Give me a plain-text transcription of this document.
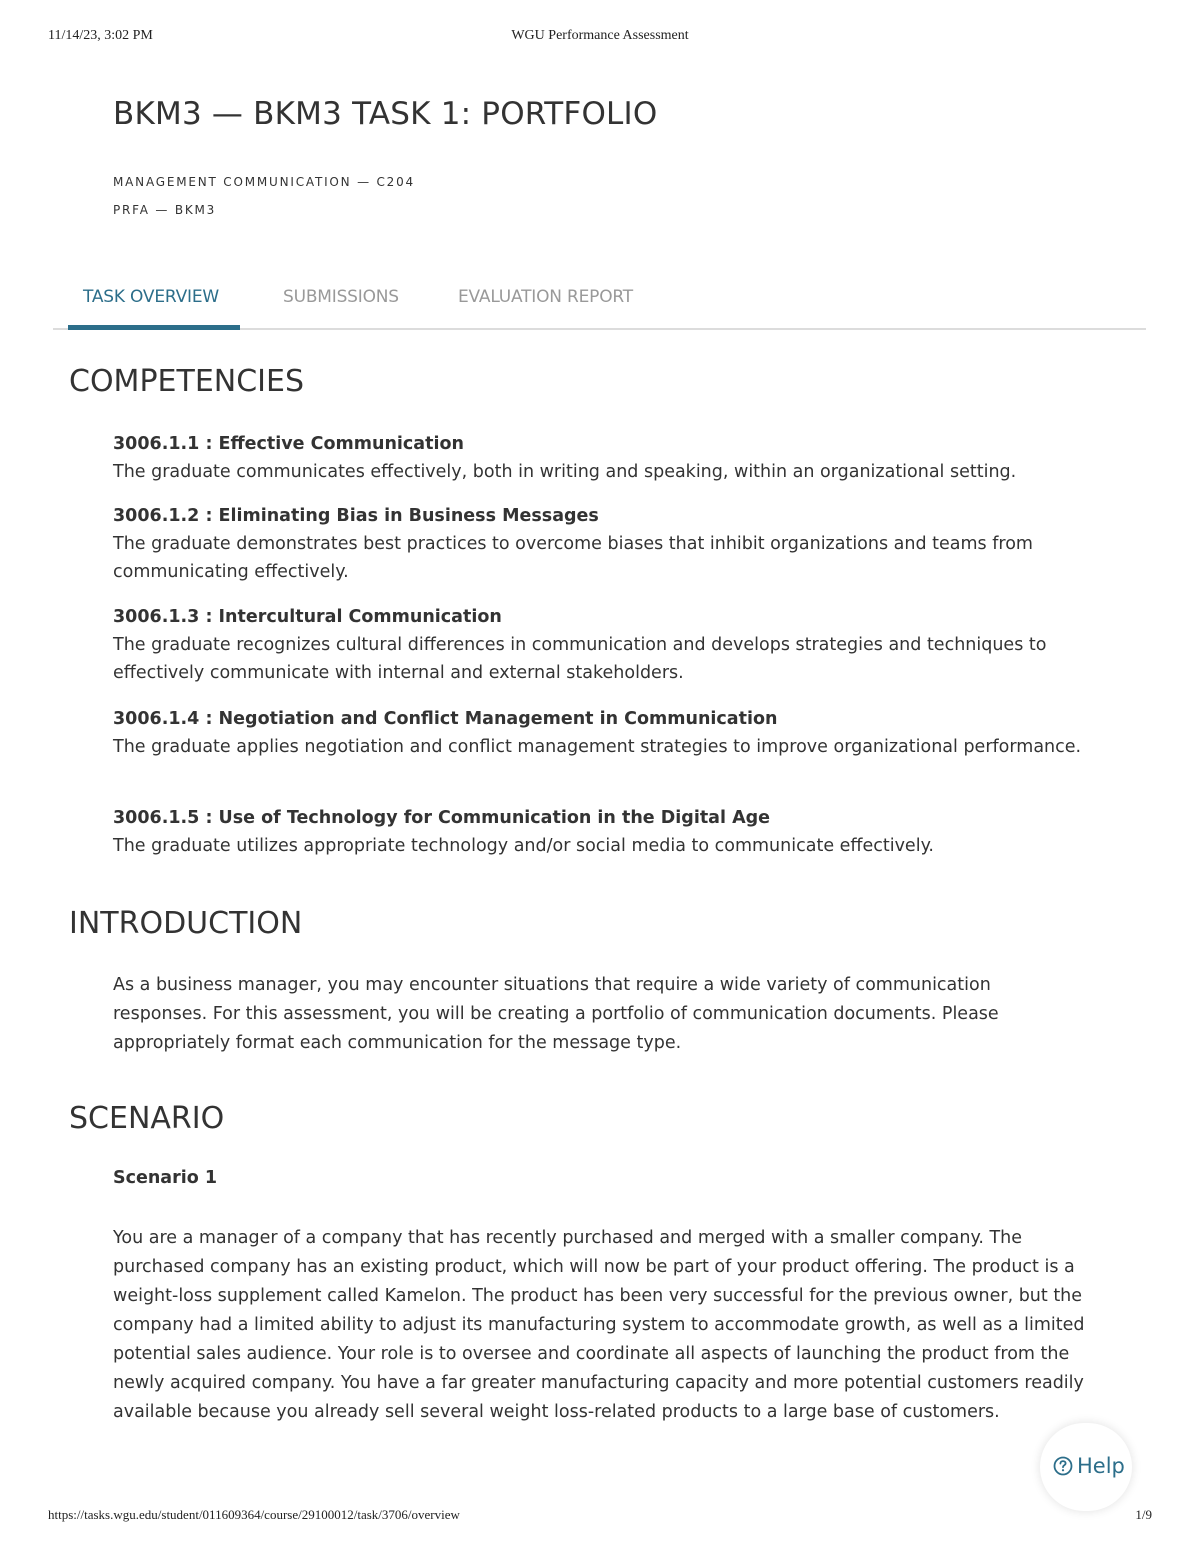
11/14/23, 3:02 PM	WGU Performance Assessment
BKM3 — BKM3 TASK 1: PORTFOLIO
MANAGEMENT COMMUNICATION — C204
PRFA — BKM3
TASK OVERVIEW	SUBMISSIONS	EVALUATION REPORT
COMPETENCIES
3006.1.1 : Effective Communication
The graduate communicates effectively, both in writing and speaking, within an organizational setting.
3006.1.2 : Eliminating Bias in Business Messages
The graduate demonstrates best practices to overcome biases that inhibit organizations and teams from communicating effectively.
3006.1.3 : Intercultural Communication
The graduate recognizes cultural differences in communication and develops strategies and techniques to effectively communicate with internal and external stakeholders.
3006.1.4 : Negotiation and Conflict Management in Communication
The graduate applies negotiation and conflict management strategies to improve organizational performance.
3006.1.5 : Use of Technology for Communication in the Digital Age
The graduate utilizes appropriate technology and/or social media to communicate effectively.
INTRODUCTION

As a business manager, you may encounter situations that require a wide variety of communication responses. For this assessment, you will be creating a portfolio of communication documents. Please appropriately format each communication for the message type.

SCENARIO
Scenario 1

You are a manager of a company that has recently purchased and merged with a smaller company. The purchased company has an existing product, which will now be part of your product offering. The product is a weight-loss supplement called Kamelon. The product has been very successful for the previous owner, but the company had a limited ability to adjust its manufacturing system to accommodate growth, as well as a limited potential sales audience. Your role is to oversee and coordinate all aspects of launching the product from the newly acquired company. You have a far greater manufacturing capacity and more potential customers readily available because you already sell several weight loss-related products to a large base of customers.

Help
https://tasks.wgu.edu/student/011609364/course/29100012/task/3706/overview	1/9
